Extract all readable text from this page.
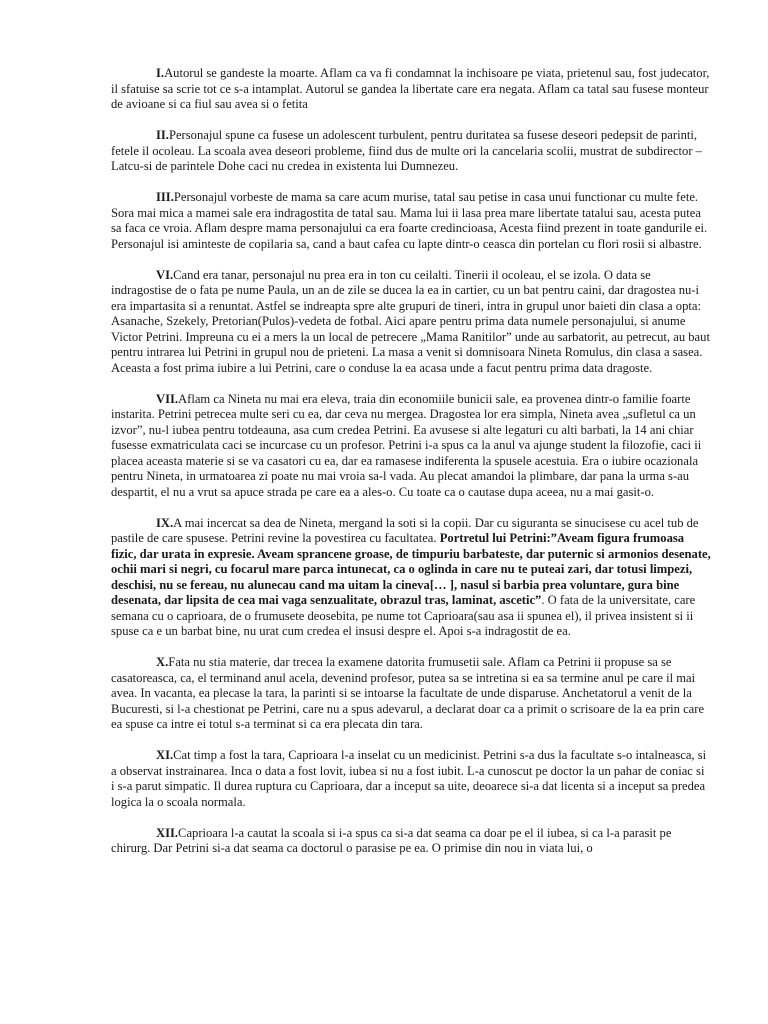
I.Autorul se gandeste la moarte. Aflam ca va fi condamnat la inchisoare pe viata, prietenul sau, fost judecator, il sfatuise sa scrie tot ce s-a intamplat. Autorul se gandea la libertate care era negata. Aflam ca tatal sau fusese monteur de avioane si ca fiul sau avea si o fetita

II.Personajul spune ca fusese un adolescent turbulent, pentru duritatea sa fusese deseori pedepsit de parinti, fetele il ocoleau. La scoala avea deseori probleme, fiind dus de multe ori la cancelaria scolii, mustrat de subdirector –Latcu-si de parintele Dohe caci nu credea in existenta lui Dumnezeu.

III.Personajul vorbeste de mama sa care acum murise, tatal sau petise in casa unui functionar cu multe fete. Sora mai mica a mamei sale era indragostita de tatal sau. Mama lui ii lasa prea mare libertate tatalui sau, acesta putea sa faca ce vroia. Aflam despre mama personajului ca era foarte credincioasa, Acesta fiind prezent in toate gandurile ei. Personajul isi aminteste de copilaria sa, cand a baut cafea cu lapte dintr-o ceasca din portelan cu flori rosii si albastre.

VI.Cand era tanar, personajul nu prea era in ton cu ceilalti. Tinerii il ocoleau, el se izola. O data se indragostise de o fata pe nume Paula, un an de zile se ducea la ea in cartier, cu un bat pentru caini, dar dragostea nu-i era impartasita si a renuntat. Astfel se indreapta spre alte grupuri de tineri, intra in grupul unor baieti din clasa a opta: Asanache, Szekely, Pretorian(Pulos)-vedeta de fotbal. Aici apare pentru prima data numele personajului, si anume Victor Petrini. Impreuna cu ei a mers la un local de petrecere „Mama Ranitilor” unde au sarbatorit, au petrecut, au baut pentru intrarea lui Petrini in grupul nou de prieteni. La masa a venit si domnisoara Nineta Romulus, din clasa a sasea. Aceasta a fost prima iubire a lui Petrini, care o conduse la ea acasa unde a facut pentru prima data dragoste.

VII.Aflam ca Nineta nu mai era eleva, traia din economiile bunicii sale, ea provenea dintr-o familie foarte instarita. Petrini petrecea multe seri cu ea, dar ceva nu mergea. Dragostea lor era simpla, Nineta avea „sufletul ca un izvor”, nu-l iubea pentru totdeauna, asa cum credea Petrini. Ea avusese si alte legaturi cu alti barbati, la 14 ani chiar fusesse exmatriculata caci se incurcase cu un profesor. Petrini i-a spus ca la anul va ajunge student la filozofie, caci ii placea aceasta materie si se va casatori cu ea, dar ea ramasese indiferenta la spusele acestuia. Era o iubire ocazionala pentru Nineta, in urmatoarea zi poate nu mai vroia sa-l vada. Au plecat amandoi la plimbare, dar pana la urma s-au despartit, el nu a vrut sa apuce strada pe care ea a ales-o. Cu toate ca o cautase dupa aceea, nu a mai gasit-o.

IX.A mai incercat sa dea de Nineta, mergand la soti si la copii. Dar cu siguranta se sinucisese cu acel tub de pastile de care spusese. Petrini revine la povestirea cu facultatea. Portretul lui Petrini:”Aveam figura frumoasa fizic, dar urata in expresie. Aveam sprancene groase, de timpuriu barbateste, dar puternic si armonios desenate, ochii mari si negri, cu focarul mare parca intunecat, ca o oglinda in care nu te puteai zari, dar totusi limpezi, deschisi, nu se fereau, nu alunecau cand ma uitam la cineva[… ], nasul si barbia prea voluntare, gura bine desenata, dar lipsita de cea mai vaga senzualitate, obrazul tras, laminat, ascetic”. O fata de la universitate, care semana cu o caprioara, de o frumusete deosebita, pe nume tot Caprioara(sau asa ii spunea el), il privea insistent si ii spuse ca e un barbat bine, nu urat cum credea el insusi despre el. Apoi s-a indragostit de ea.

X.Fata nu stia materie, dar trecea la examene datorita frumusetii sale. Aflam ca Petrini ii propuse sa se casatoreasca, ca, el terminand anul acela, devenind profesor, putea sa se intretina si ea sa termine anul pe care il mai avea. In vacanta, ea plecase la tara, la parinti si se intoarse la facultate de unde disparuse. Anchetatorul a venit de la Bucuresti, si l-a chestionat pe Petrini, care nu a spus adevarul, a declarat doar ca a primit o scrisoare de la ea prin care ea spuse ca intre ei totul s-a terminat si ca era plecata din tara.

XI.Cat timp a fost la tara, Caprioara l-a inselat cu un medicinist. Petrini s-a dus la facultate s-o intalneasca, si a observat instrainarea. Inca o data a fost lovit, iubea si nu a fost iubit. L-a cunoscut pe doctor la un pahar de coniac si i s-a parut simpatic. Il durea ruptura cu Caprioara, dar a inceput sa uite, deoarece si-a dat licenta si a inceput sa predea logica la o scoala normala.

XII.Caprioara l-a cautat la scoala si i-a spus ca si-a dat seama ca doar pe el il iubea, si ca l-a parasit pe chirurg. Dar Petrini si-a dat seama ca doctorul o parasise pe ea. O primise din nou in viata lui, o
